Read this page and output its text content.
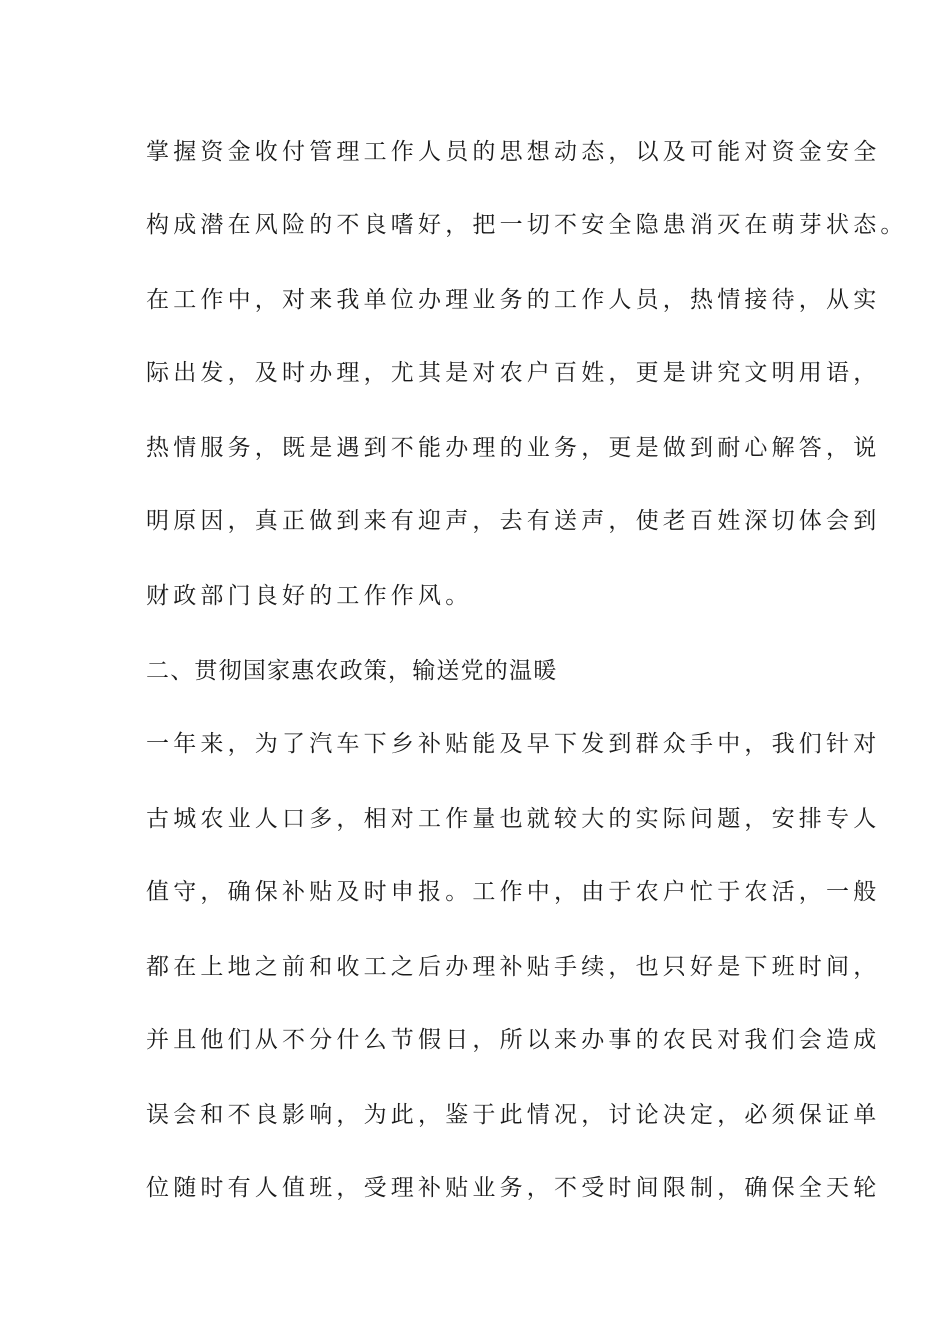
掌握资金收付管理工作人员的思想动态，以及可能对资金安全

构成潜在风险的不良嗜好，把一切不安全隐患消灭在萌芽状态。

在工作中，对来我单位办理业务的工作人员，热情接待，从实

际出发，及时办理，尤其是对农户百姓，更是讲究文明用语，

热情服务，既是遇到不能办理的业务，更是做到耐心解答，说

明原因，真正做到来有迎声，去有送声，使老百姓深切体会到

财政部门良好的工作作风。

二、贯彻国家惠农政策，输送党的温暖

一年来，为了汽车下乡补贴能及早下发到群众手中，我们针对

古城农业人口多，相对工作量也就较大的实际问题，安排专人

值守，确保补贴及时申报。工作中，由于农户忙于农活，一般

都在上地之前和收工之后办理补贴手续，也只好是下班时间，

并且他们从不分什么节假日，所以来办事的农民对我们会造成

误会和不良影响，为此，鉴于此情况，讨论决定，必须保证单

位随时有人值班，受理补贴业务，不受时间限制，确保全天轮
